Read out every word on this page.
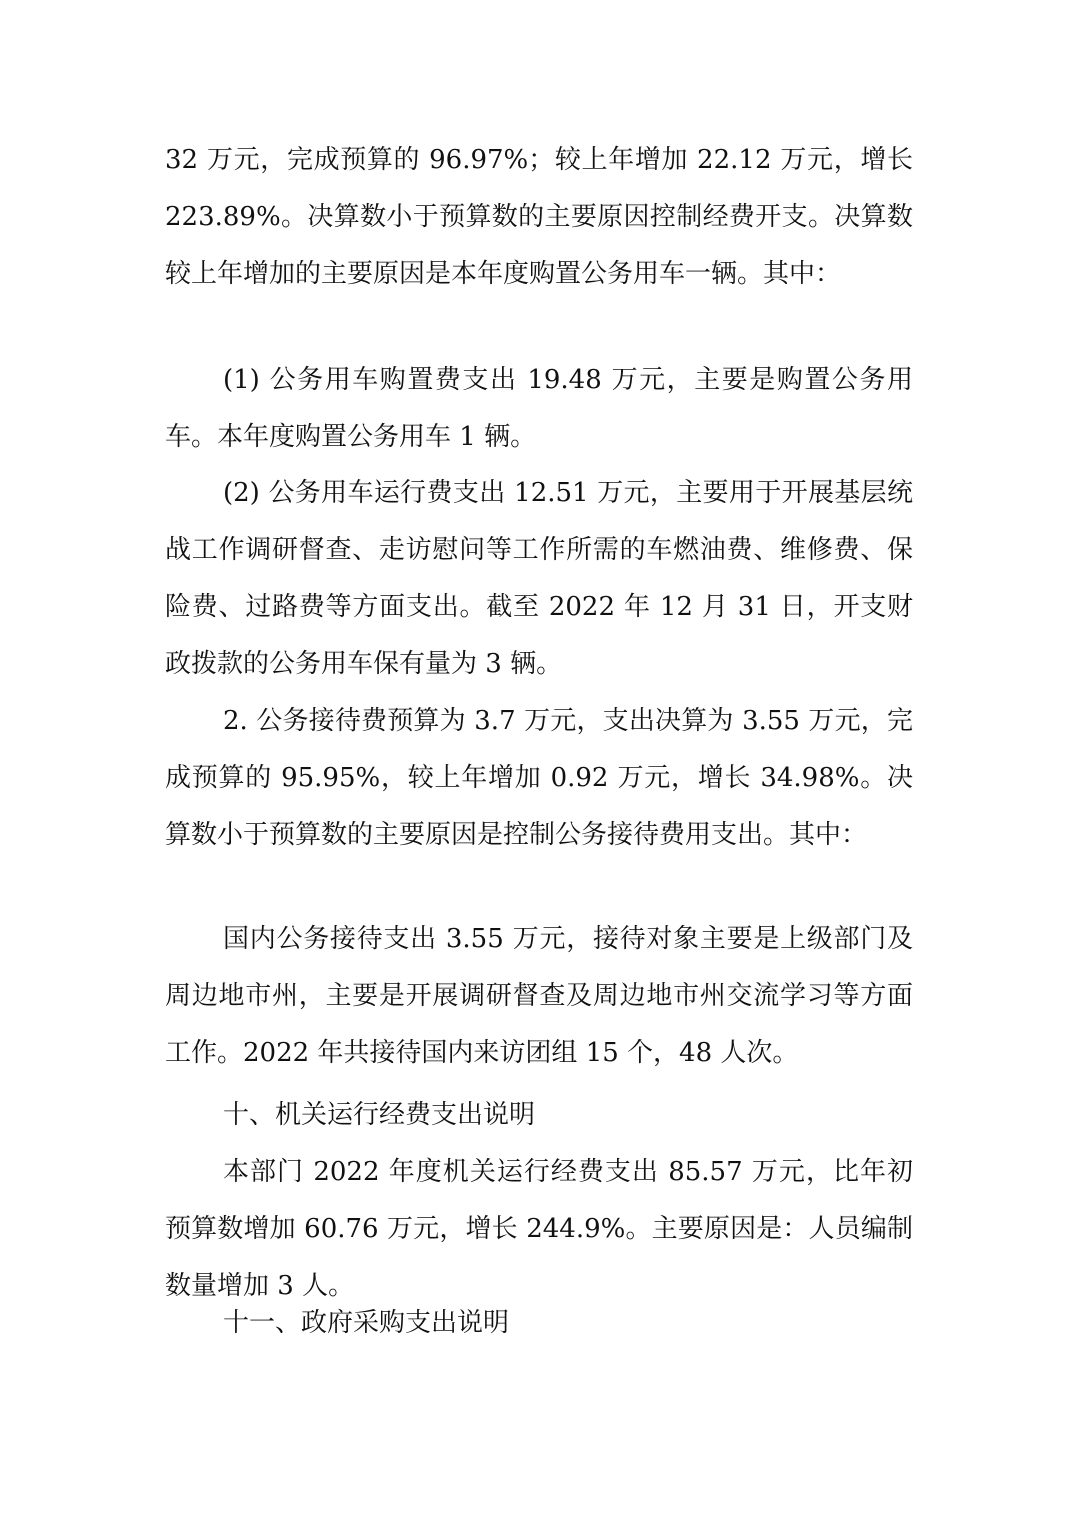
32 万元，完成预算的 96.97%；较上年增加 22.12 万元，增长 223.89%。决算数小于预算数的主要原因控制经费开支。决算数较上年增加的主要原因是本年度购置公务用车一辆。其中：
(1) 公务用车购置费支出 19.48 万元，主要是购置公务用车。本年度购置公务用车 1 辆。
(2) 公务用车运行费支出 12.51 万元，主要用于开展基层统战工作调研督查、走访慰问等工作所需的车燃油费、维修费、保险费、过路费等方面支出。截至 2022 年 12 月 31 日，开支财政拨款的公务用车保有量为 3 辆。
2. 公务接待费预算为 3.7 万元，支出决算为 3.55 万元，完成预算的 95.95%，较上年增加 0.92 万元，增长 34.98%。决算数小于预算数的主要原因是控制公务接待费用支出。其中：
国内公务接待支出 3.55 万元，接待对象主要是上级部门及周边地市州，主要是开展调研督查及周边地市州交流学习等方面工作。2022 年共接待国内来访团组 15 个，48 人次。
十、机关运行经费支出说明
本部门 2022 年度机关运行经费支出 85.57 万元，比年初预算数增加 60.76 万元，增长 244.9%。主要原因是：人员编制数量增加 3 人。
十一、政府采购支出说明
